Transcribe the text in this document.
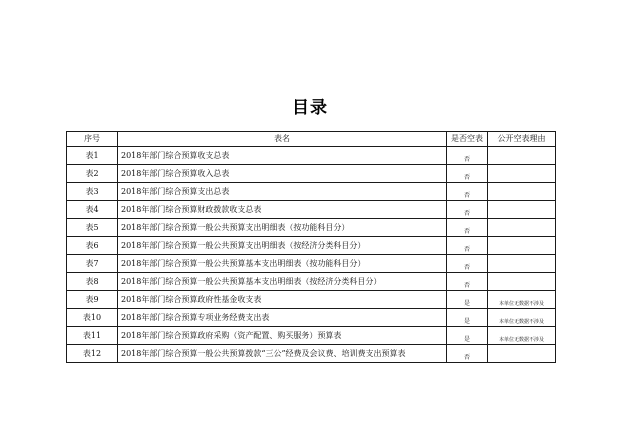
目录
序号	表名	是否空表	公开空表理由
表1	2018年部门综合预算收支总表	否	
表2	2018年部门综合预算收入总表	否	
表3	2018年部门综合预算支出总表	否	
表4	2018年部门综合预算财政拨款收支总表	否	
表5	2018年部门综合预算一般公共预算支出明细表（按功能科目分）	否	
表6	2018年部门综合预算一般公共预算支出明细表（按经济分类科目分）	否	
表7	2018年部门综合预算一般公共预算基本支出明细表（按功能科目分）	否	
表8	2018年部门综合预算一般公共预算基本支出明细表（按经济分类科目分）	否	
表9	2018年部门综合预算政府性基金收支表	是	本单位无数据不涉及
表10	2018年部门综合预算专项业务经费支出表	是	本单位无数据不涉及
表11	2018年部门综合预算政府采购（资产配置、购买服务）预算表	是	本单位无数据不涉及
表12	2018年部门综合预算一般公共预算拨款“三公”经费及会议费、培训费支出预算表	否	
